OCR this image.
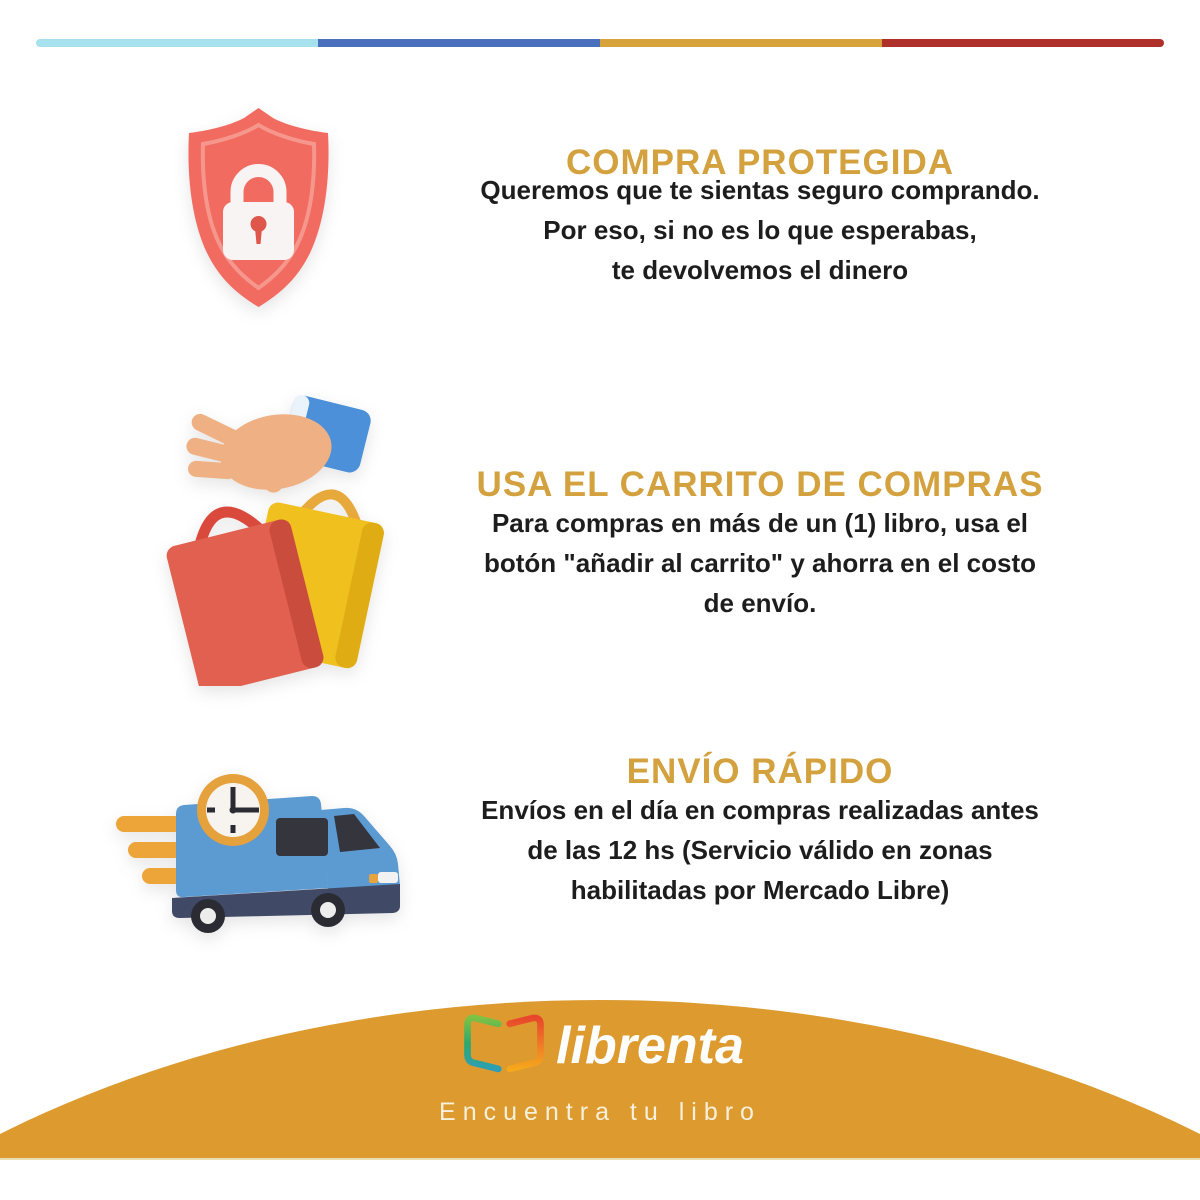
COMPRA PROTEGIDA
Queremos que te sientas seguro comprando.
Por eso, si no es lo que esperabas,
te devolvemos el dinero
USA EL CARRITO DE COMPRAS
Para compras en más de un (1) libro, usa el
botón "añadir al carrito" y ahorra en el costo
de envío.
ENVÍO RÁPIDO
Envíos en el día en compras realizadas antes
de las 12 hs (Servicio válido en zonas
habilitadas por Mercado Libre)
librenta
Encuentra tu libro
